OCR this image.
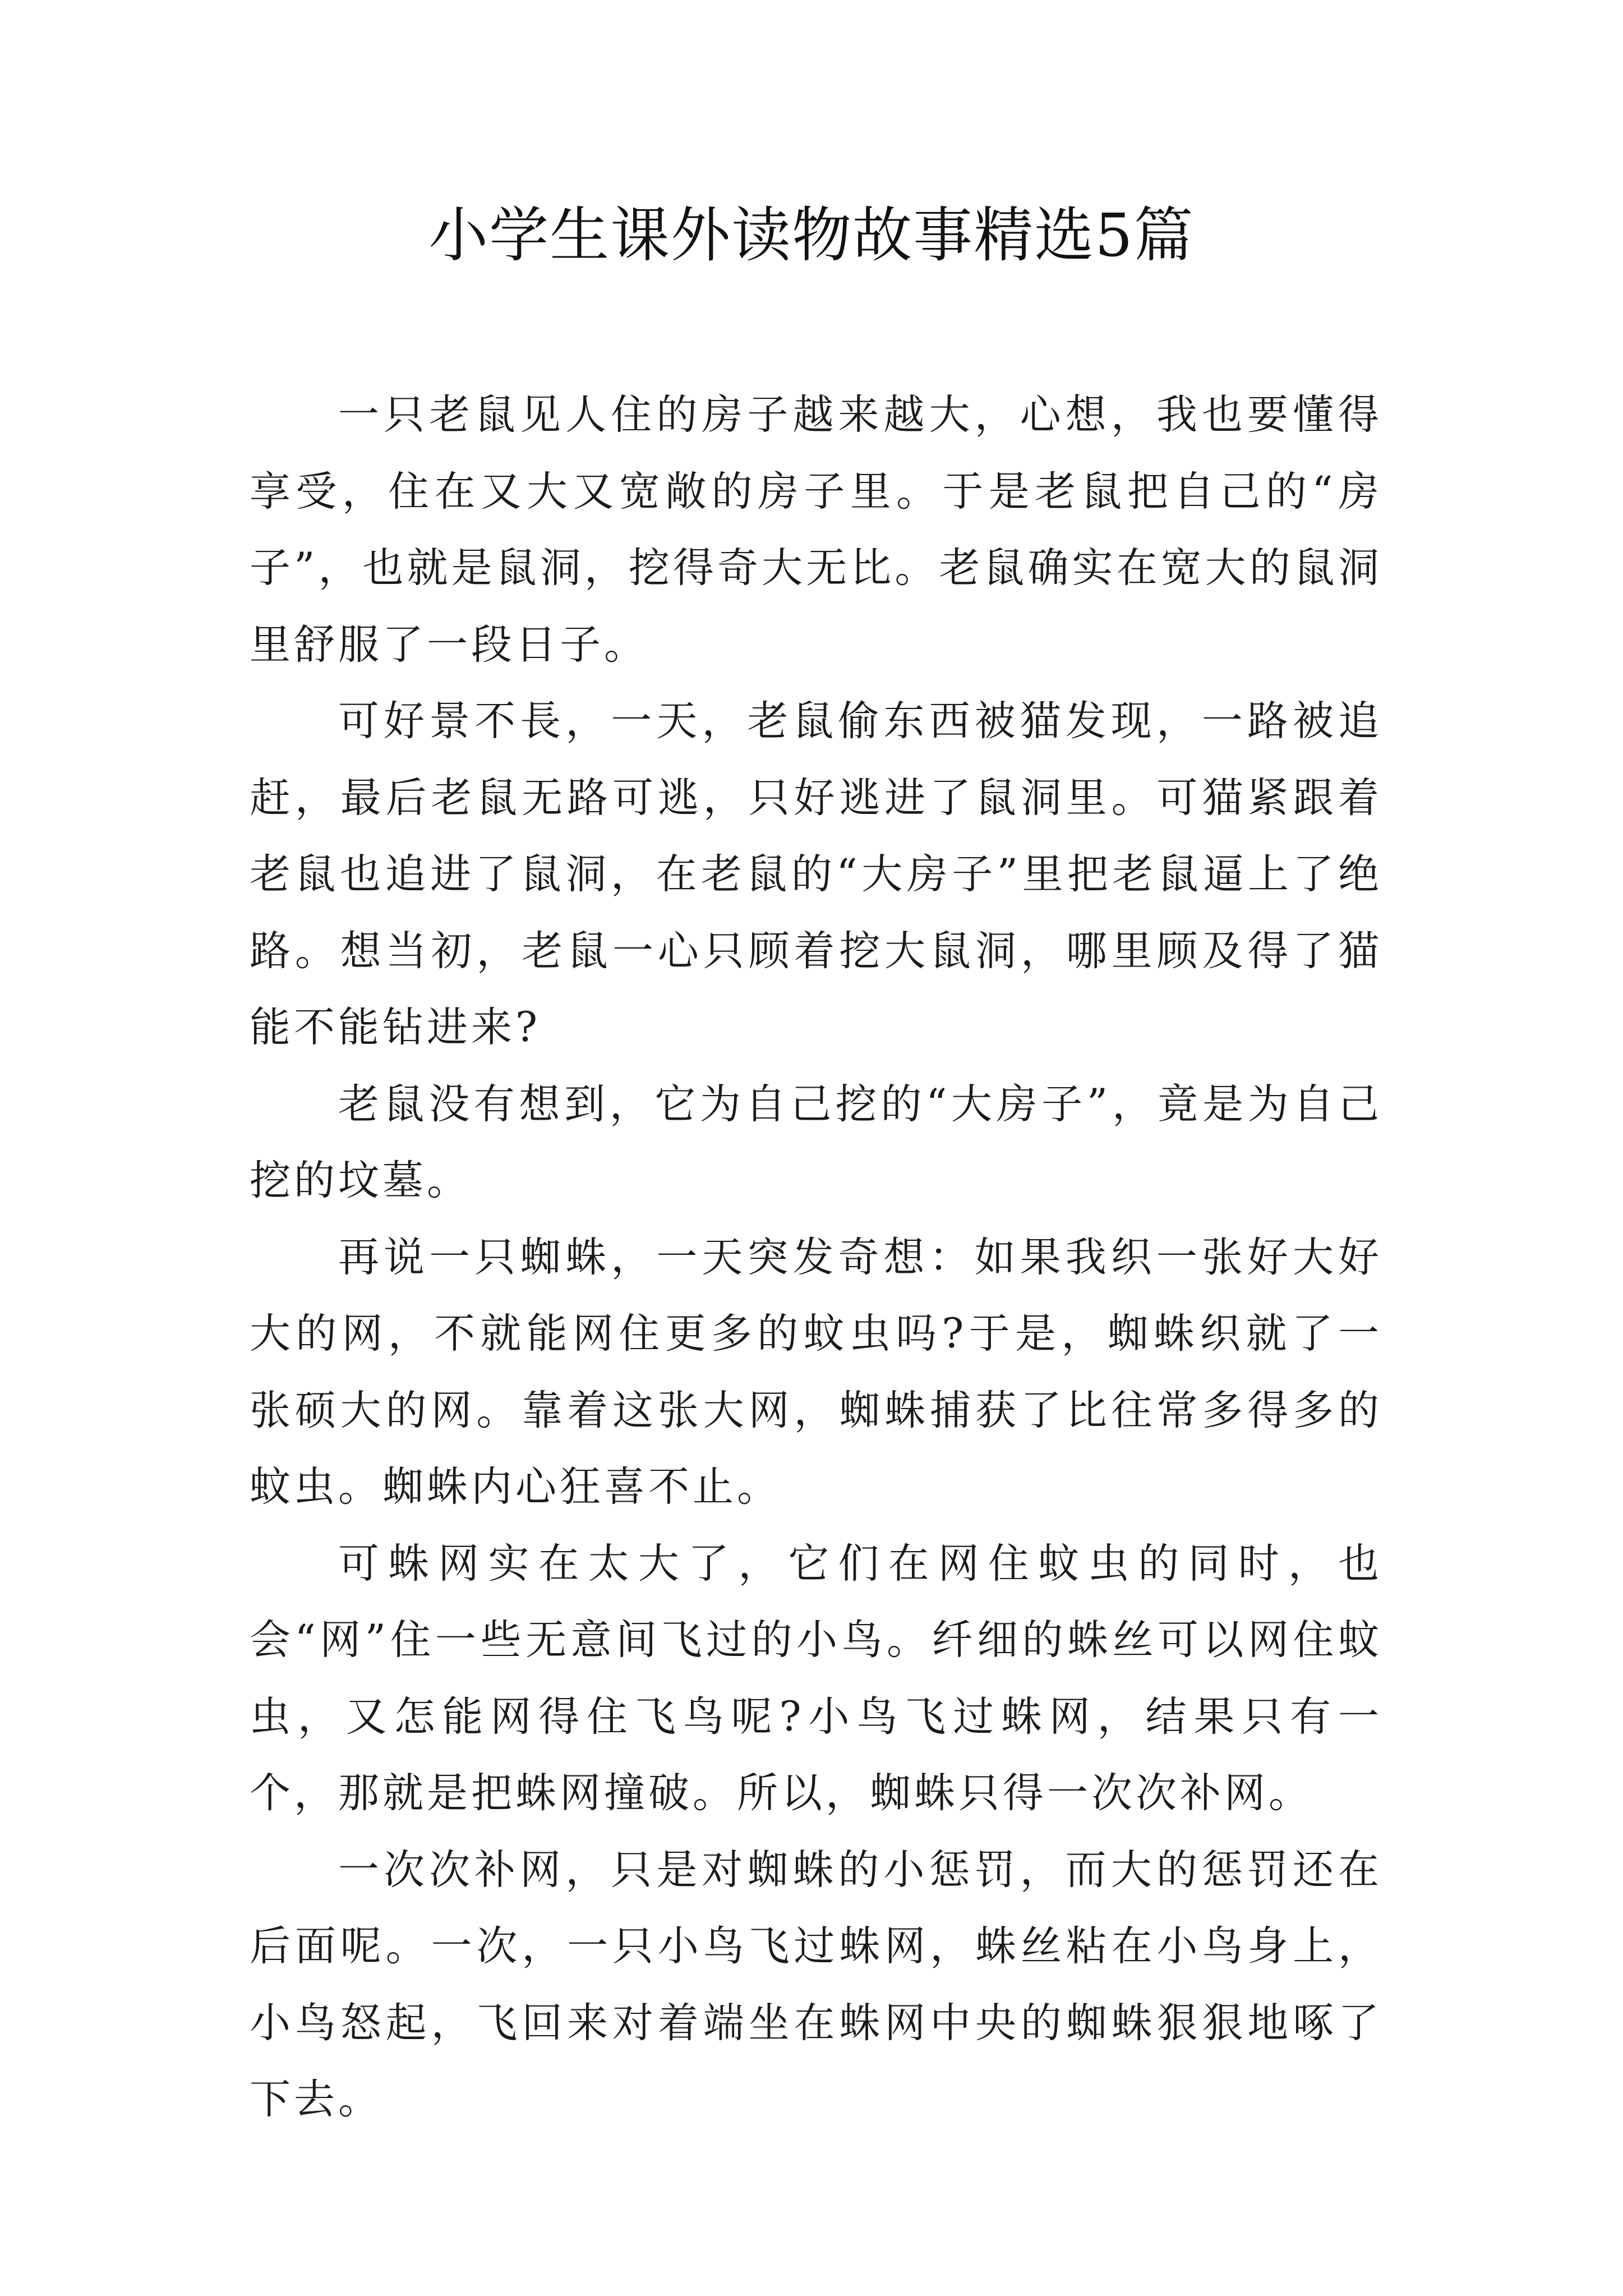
小学生课外读物故事精选5篇

一只老鼠见人住的房子越来越大，心想，我也要懂得享受，住在又大又宽敞的房子里。于是老鼠把自己的“房子”，也就是鼠洞，挖得奇大无比。老鼠确实在宽大的鼠洞里舒服了一段日子。

可好景不長，一天，老鼠偷东西被猫发现，一路被追赶，最后老鼠无路可逃，只好逃进了鼠洞里。可猫紧跟着老鼠也追进了鼠洞，在老鼠的“大房子”里把老鼠逼上了绝路。想当初，老鼠一心只顾着挖大鼠洞，哪里顾及得了猫能不能钻进来?

老鼠没有想到，它为自己挖的“大房子”，竟是为自己挖的坟墓。

再说一只蜘蛛，一天突发奇想：如果我织一张好大好大的网，不就能网住更多的蚊虫吗?于是，蜘蛛织就了一张硕大的网。靠着这张大网，蜘蛛捕获了比往常多得多的蚊虫。蜘蛛内心狂喜不止。

可蛛网实在太大了，它们在网住蚊虫的同时，也会“网”住一些无意间飞过的小鸟。纤细的蛛丝可以网住蚊虫，又怎能网得住飞鸟呢?小鸟飞过蛛网，结果只有一个，那就是把蛛网撞破。所以，蜘蛛只得一次次补网。

一次次补网，只是对蜘蛛的小惩罚，而大的惩罚还在后面呢。一次，一只小鸟飞过蛛网，蛛丝粘在小鸟身上，小鸟怒起，飞回来对着端坐在蛛网中央的蜘蛛狠狠地啄了下去。
